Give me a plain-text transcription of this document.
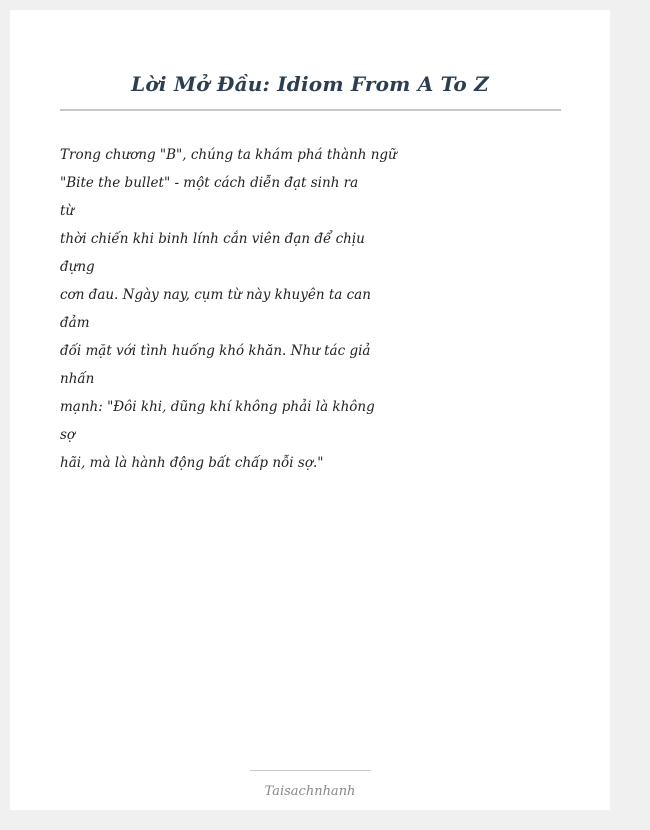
Lời Mở Đầu: Idiom From A To Z
Trong chương "B", chúng ta khám phá thành ngữ
"Bite the bullet" - một cách diễn đạt sinh ra
từ
thời chiến khi binh lính cắn viên đạn để chịu
đựng
cơn đau. Ngày nay, cụm từ này khuyên ta can
đảm
đối mặt với tình huống khó khăn. Như tác giả
nhấn
mạnh: "Đôi khi, dũng khí không phải là không
sợ
hãi, mà là hành động bất chấp nỗi sợ."
Taisachnhanh
